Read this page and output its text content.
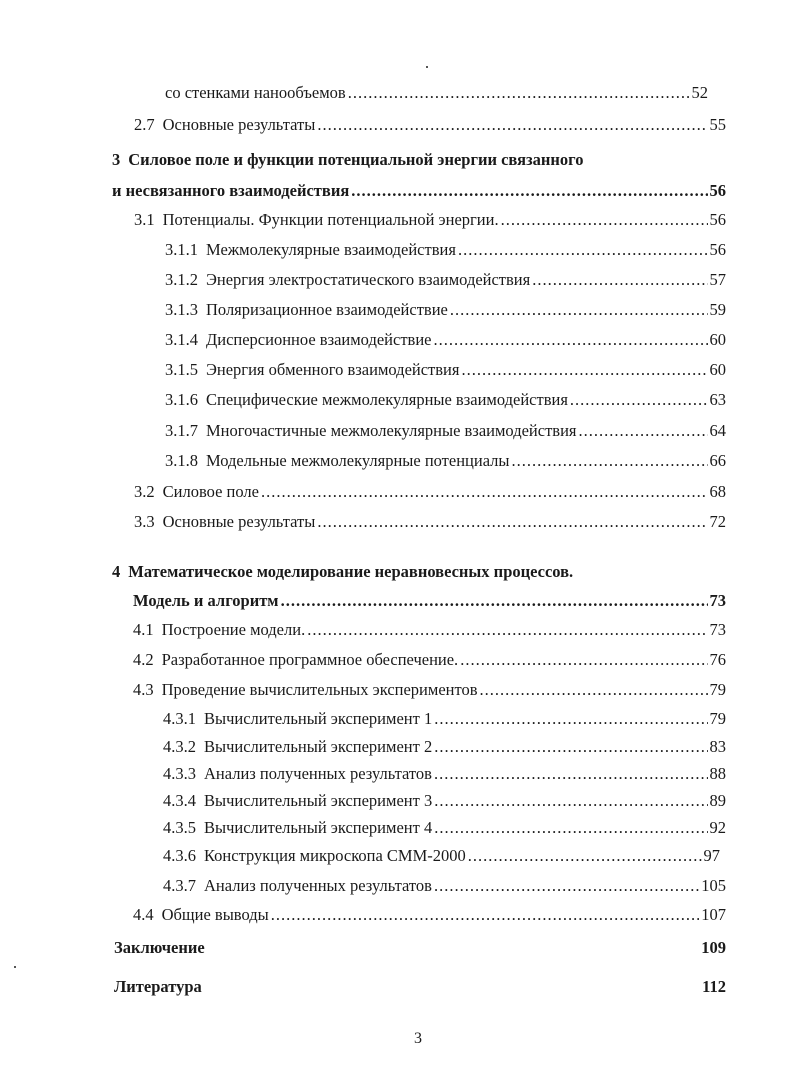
со стенками нанообъемов .....	52
2.7 Основные результаты .....	55
3 Силовое поле и функции потенциальной энергии связанного
и несвязанного взаимодействия .....	56
3.1 Потенциалы. Функции потенциальной энергии. .....	56
3.1.1 Межмолекулярные взаимодействия .....	56
3.1.2 Энергия электростатического взаимодействия .....	57
3.1.3 Поляризационное взаимодействие .....	59
3.1.4 Дисперсионное взаимодействие .....	60
3.1.5 Энергия обменного взаимодействия .....	60
3.1.6 Специфические межмолекулярные взаимодействия .....	63
3.1.7 Многочастичные межмолекулярные взаимодействия .....	64
3.1.8 Модельные межмолекулярные потенциалы .....	66
3.2 Силовое поле .....	68
3.3 Основные результаты .....	72
4 Математическое моделирование неравновесных процессов.
Модель и алгоритм .....	73
4.1 Построение модели. .....	73
4.2 Разработанное программное обеспечение. .....	76
4.3 Проведение вычислительных экспериментов .....	79
4.3.1 Вычислительный эксперимент 1 .....	79
4.3.2 Вычислительный эксперимент 2 .....	83
4.3.3 Анализ полученных результатов .....	88
4.3.4 Вычислительный эксперимент 3 .....	89
4.3.5 Вычислительный эксперимент 4 .....	92
4.3.6 Конструкция микроскопа СММ-2000 .....	97
4.3.7 Анализ полученных результатов .....	105
4.4 Общие выводы .....	107
Заключение	109
Литература	112
3
